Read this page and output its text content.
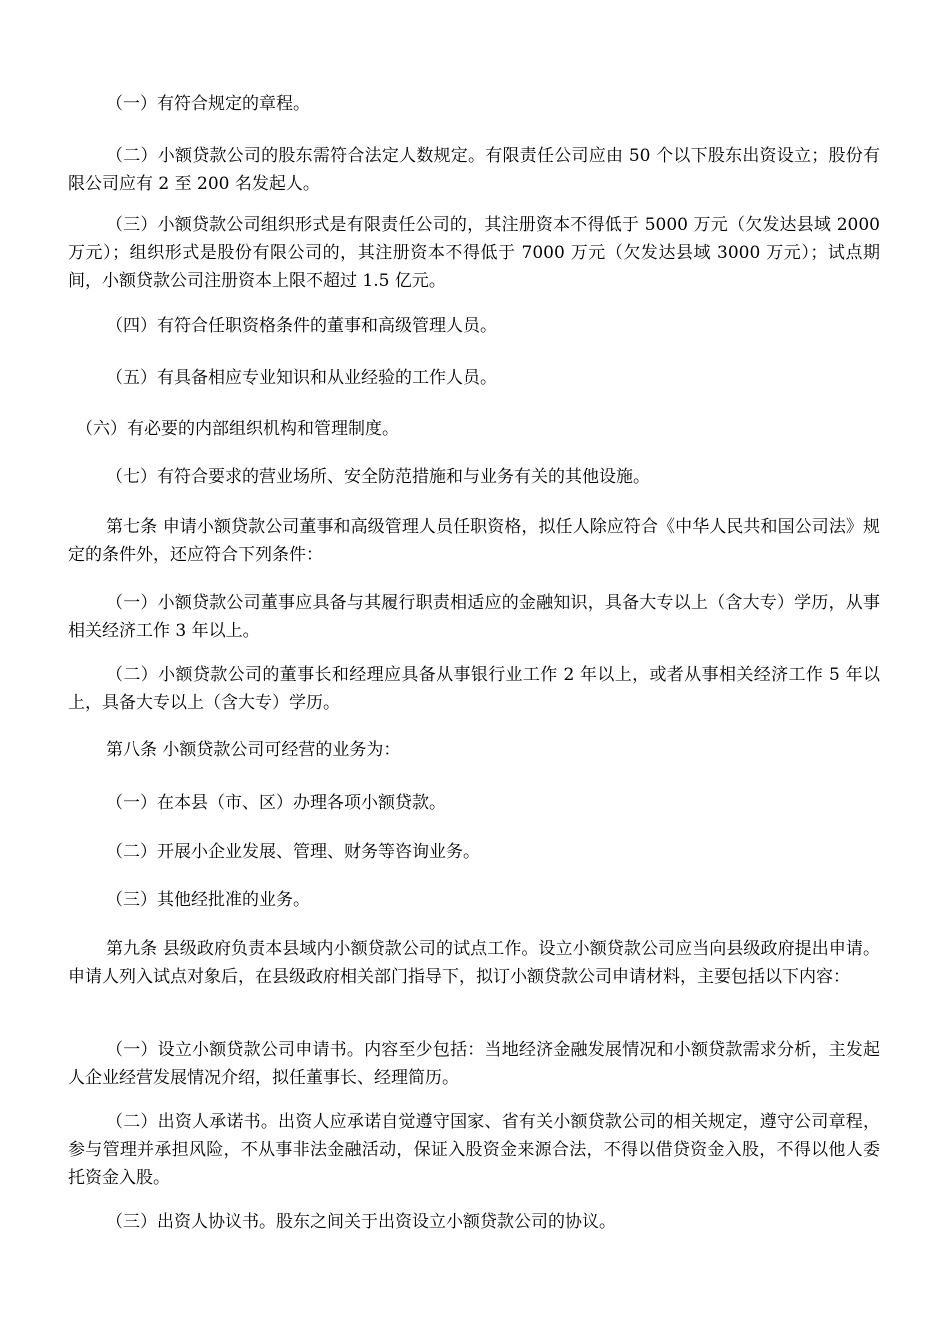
（一）有符合规定的章程。

（二）小额贷款公司的股东需符合法定人数规定。有限责任公司应由 50 个以下股东出资设立；股份有限公司应有 2 至 200 名发起人。

（三）小额贷款公司组织形式是有限责任公司的，其注册资本不得低于 5000 万元（欠发达县域 2000 万元）；组织形式是股份有限公司的，其注册资本不得低于 7000 万元（欠发达县域 3000 万元）；试点期间，小额贷款公司注册资本上限不超过 1.5 亿元。

（四）有符合任职资格条件的董事和高级管理人员。

（五）有具备相应专业知识和从业经验的工作人员。

（六）有必要的内部组织机构和管理制度。

（七）有符合要求的营业场所、安全防范措施和与业务有关的其他设施。

第七条 申请小额贷款公司董事和高级管理人员任职资格，拟任人除应符合《中华人民共和国公司法》规定的条件外，还应符合下列条件：

（一）小额贷款公司董事应具备与其履行职责相适应的金融知识，具备大专以上（含大专）学历，从事相关经济工作 3 年以上。

（二）小额贷款公司的董事长和经理应具备从事银行业工作 2 年以上，或者从事相关经济工作 5 年以上，具备大专以上（含大专）学历。

第八条 小额贷款公司可经营的业务为：

（一）在本县（市、区）办理各项小额贷款。

（二）开展小企业发展、管理、财务等咨询业务。

（三）其他经批准的业务。

第九条 县级政府负责本县域内小额贷款公司的试点工作。设立小额贷款公司应当向县级政府提出申请。申请人列入试点对象后，在县级政府相关部门指导下，拟订小额贷款公司申请材料，主要包括以下内容：

（一）设立小额贷款公司申请书。内容至少包括：当地经济金融发展情况和小额贷款需求分析，主发起人企业经营发展情况介绍，拟任董事长、经理简历。

（二）出资人承诺书。出资人应承诺自觉遵守国家、省有关小额贷款公司的相关规定，遵守公司章程，参与管理并承担风险，不从事非法金融活动，保证入股资金来源合法，不得以借贷资金入股，不得以他人委托资金入股。

（三）出资人协议书。股东之间关于出资设立小额贷款公司的协议。
